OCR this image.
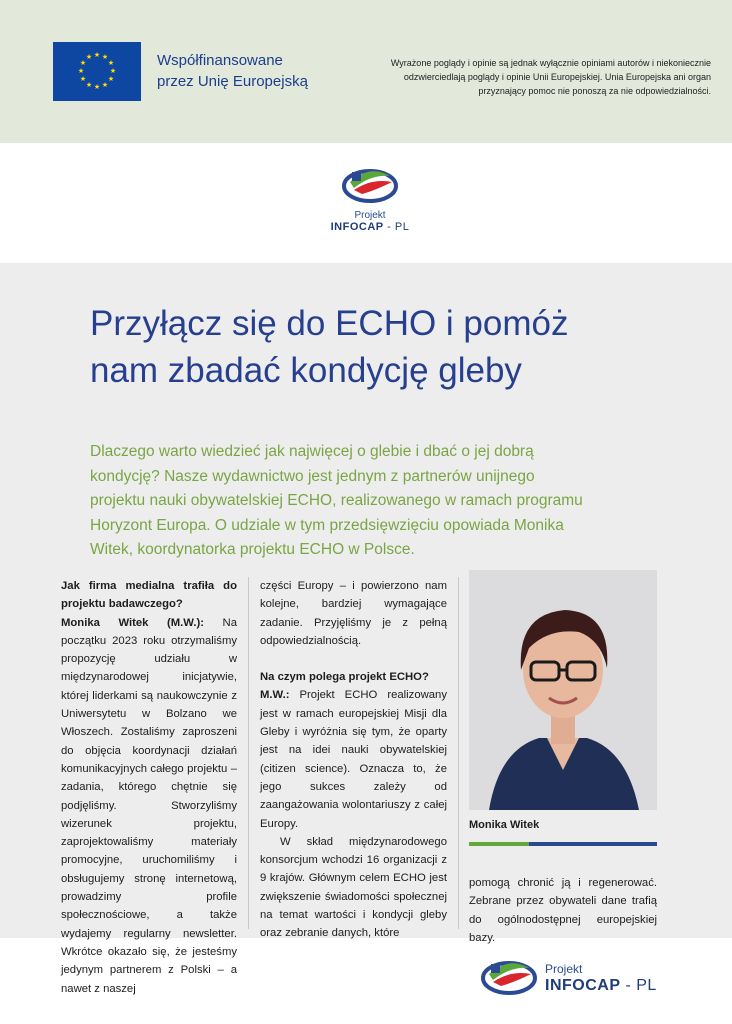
★ ★
★
★
★
★
★
★
★
★
★
★	Współfinansowane
przez Unię Europejską
Wyrażone poglądy i opinie są jednak wyłącznie opiniami autorów i niekoniecznie
odzwierciedlają poglądy i opinie Unii Europejskiej. Unia Europejska ani organ
przyznający pomoc nie ponoszą za nie odpowiedzialności.
Projekt
INFOCAP - PL
Przyłącz się do ECHO i pomóż
nam zbadać kondycję gleby
Dlaczego warto wiedzieć jak najwięcej o glebie i dbać o jej dobrą
kondycję? Nasze wydawnictwo jest jednym z partnerów unijnego
projektu nauki obywatelskiej ECHO, realizowanego w ramach programu
Horyzont Europa. O udziale w tym przedsięwzięciu opowiada Monika
Witek, koordynatorka projektu ECHO w Polsce.

Jak firma medialna trafiła do projektu badawczego?

Monika Witek (M.W.): Na początku 2023 roku otrzymaliśmy propozycję udziału w międzynarodowej inicjatywie, której liderkami są naukowczynie z Uniwersytetu w Bolzano we Włoszech. Zostaliśmy zaproszeni do objęcia koordynacji działań komunikacyjnych całego projektu – zadania, którego chętnie się podjęliśmy. Stworzyliśmy wizerunek projektu, zaprojektowaliśmy materiały promocyjne, uruchomiliśmy i obsługujemy stronę internetową, prowadzimy profile społecznościowe, a także wydajemy regularny newsletter. Wkrótce okazało się, że jesteśmy jedynym partnerem z Polski – a nawet z naszej

części Europy – i powierzono nam kolejne, bardziej wymagające zadanie. Przyjęliśmy je z pełną odpowiedzialnością.

Na czym polega projekt ECHO?

M.W.: Projekt ECHO realizowany jest w ramach europejskiej Misji dla Gleby i wyróżnia się tym, że oparty jest na idei nauki obywatelskiej (citizen science). Oznacza to, że jego sukces zależy od zaangażowania wolontariuszy z całej Europy.

W skład międzynarodowego konsorcjum wchodzi 16 organizacji z 9 krajów. Głównym celem ECHO jest zwiększenie świadomości społecznej na temat wartości i kondycji gleby oraz zebranie danych, które

Monika Witek

pomogą chronić ją i regenerować. Zebrane przez obywateli dane trafią do ogólnodostępnej europejskiej bazy.

Projekt
INFOCAP - PL
